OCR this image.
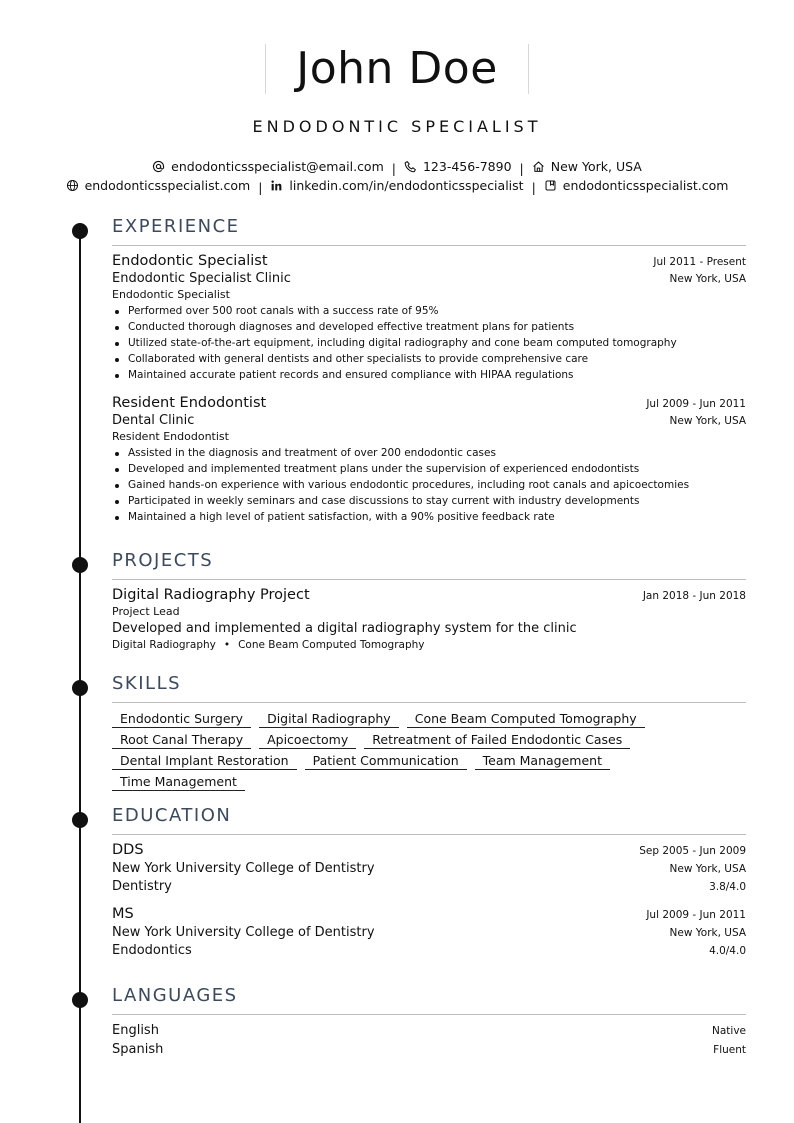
John Doe
ENDODONTIC SPECIALIST
endodonticsspecialist@email.com | 123-456-7890 | New York, USA
endodonticsspecialist.com | linkedin.com/in/endodonticsspecialist | endodonticsspecialist.com
EXPERIENCE
Endodontic Specialist	Jul 2011 - Present
Endodontic Specialist Clinic	New York, USA
Endodontic Specialist
Performed over 500 root canals with a success rate of 95%
Conducted thorough diagnoses and developed effective treatment plans for patients
Utilized state-of-the-art equipment, including digital radiography and cone beam computed tomography
Collaborated with general dentists and other specialists to provide comprehensive care
Maintained accurate patient records and ensured compliance with HIPAA regulations
Resident Endodontist	Jul 2009 - Jun 2011
Dental Clinic	New York, USA
Resident Endodontist
Assisted in the diagnosis and treatment of over 200 endodontic cases
Developed and implemented treatment plans under the supervision of experienced endodontists
Gained hands-on experience with various endodontic procedures, including root canals and apicoectomies
Participated in weekly seminars and case discussions to stay current with industry developments
Maintained a high level of patient satisfaction, with a 90% positive feedback rate
PROJECTS
Digital Radiography Project	Jan 2018 - Jun 2018
Project Lead
Developed and implemented a digital radiography system for the clinic
Digital Radiography • Cone Beam Computed Tomography
SKILLS
Endodontic Surgery	Digital Radiography	Cone Beam Computed Tomography
Root Canal Therapy	Apicoectomy	Retreatment of Failed Endodontic Cases
Dental Implant Restoration	Patient Communication	Team Management
Time Management
EDUCATION
DDS	Sep 2005 - Jun 2009
New York University College of Dentistry	New York, USA
Dentistry	3.8/4.0
MS	Jul 2009 - Jun 2011
New York University College of Dentistry	New York, USA
Endodontics	4.0/4.0
LANGUAGES
English	Native
Spanish	Fluent
